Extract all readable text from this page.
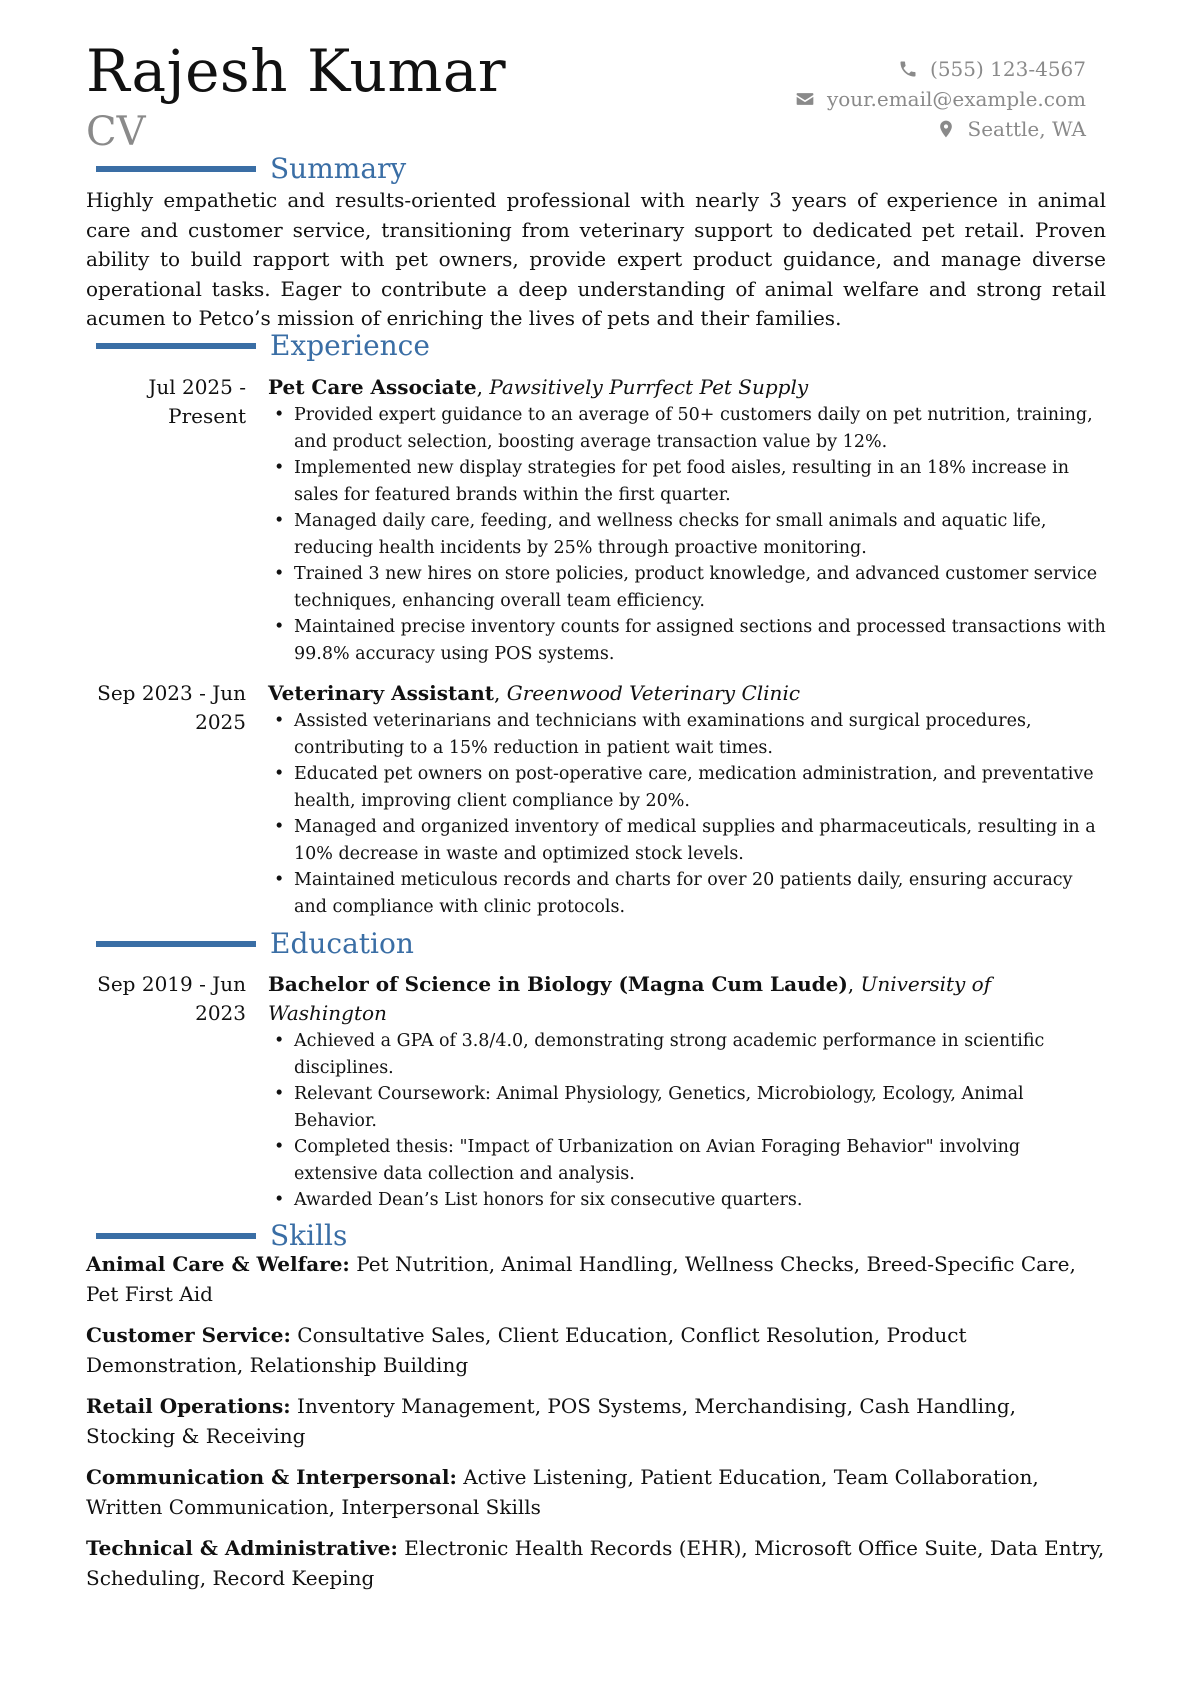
Rajesh Kumar
CV
(555) 123-4567
your.email@example.com
Seattle, WA
Summary
Highly empathetic and results-oriented professional with nearly 3 years of experience in animal care and customer service, transitioning from veterinary support to dedicated pet retail. Proven ability to build rapport with pet owners, provide expert product guidance, and manage diverse operational tasks. Eager to contribute a deep understanding of animal welfare and strong retail acumen to Petco’s mission of enriching the lives of pets and their families.
Experience
Jul 2025 - Present
Pet Care Associate, Pawsitively Purrfect Pet Supply
• Provided expert guidance to an average of 50+ customers daily on pet nutrition, training, and product selection, boosting average transaction value by 12%.
• Implemented new display strategies for pet food aisles, resulting in an 18% increase in sales for featured brands within the first quarter.
• Managed daily care, feeding, and wellness checks for small animals and aquatic life, reducing health incidents by 25% through proactive monitoring.
• Trained 3 new hires on store policies, product knowledge, and advanced customer service techniques, enhancing overall team efficiency.
• Maintained precise inventory counts for assigned sections and processed transactions with 99.8% accuracy using POS systems.
Sep 2023 - Jun 2025
Veterinary Assistant, Greenwood Veterinary Clinic
• Assisted veterinarians and technicians with examinations and surgical procedures, contributing to a 15% reduction in patient wait times.
• Educated pet owners on post-operative care, medication administration, and preventative health, improving client compliance by 20%.
• Managed and organized inventory of medical supplies and pharmaceuticals, resulting in a 10% decrease in waste and optimized stock levels.
• Maintained meticulous records and charts for over 20 patients daily, ensuring accuracy and compliance with clinic protocols.
Education
Sep 2019 - Jun 2023
Bachelor of Science in Biology (Magna Cum Laude), University of Washington
• Achieved a GPA of 3.8/4.0, demonstrating strong academic performance in scientific disciplines.
• Relevant Coursework: Animal Physiology, Genetics, Microbiology, Ecology, Animal Behavior.
• Completed thesis: "Impact of Urbanization on Avian Foraging Behavior" involving extensive data collection and analysis.
• Awarded Dean’s List honors for six consecutive quarters.
Skills
Animal Care & Welfare: Pet Nutrition, Animal Handling, Wellness Checks, Breed-Specific Care, Pet First Aid
Customer Service: Consultative Sales, Client Education, Conflict Resolution, Product Demonstration, Relationship Building
Retail Operations: Inventory Management, POS Systems, Merchandising, Cash Handling, Stocking & Receiving
Communication & Interpersonal: Active Listening, Patient Education, Team Collaboration, Written Communication, Interpersonal Skills
Technical & Administrative: Electronic Health Records (EHR), Microsoft Office Suite, Data Entry, Scheduling, Record Keeping
